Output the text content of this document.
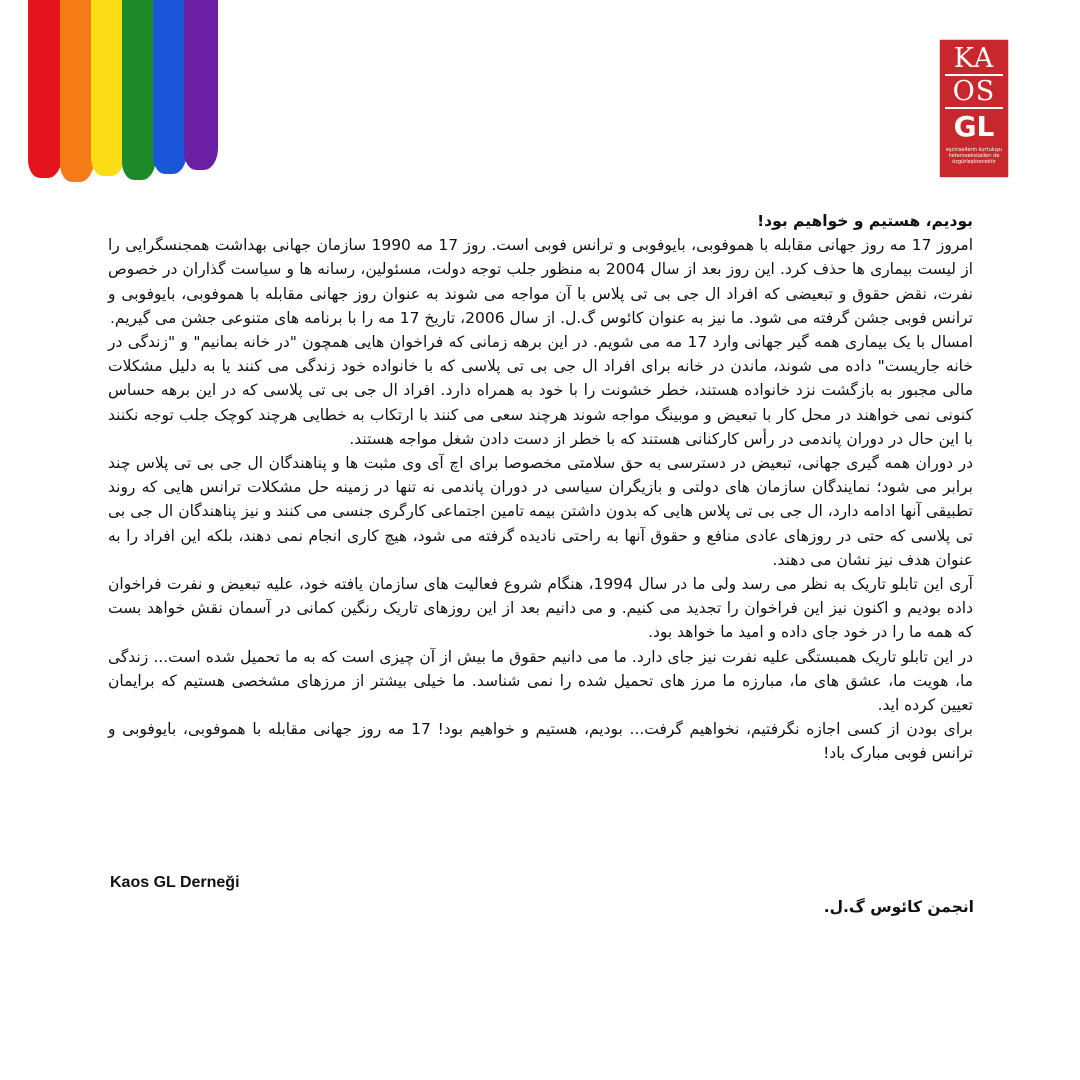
KA
OS
GL
eşcinsellerin kurtuluşu heteroseksüellerı de özgürleştirecektir

بودیم، هستیم و خواهیم بود!

امروز 17 مه روز جهانی مقابله با همو‌فوبی، بایوفوبی و ترانس فوبی است. روز 17 مه 1990 سازمان جهانی بهداشت همجنسگرایی را از لیست بیماری ها حذف کرد. این روز بعد از سال 2004 به منظور جلب توجه دولت، مسئولین، رسانه ها و سیاست گذاران در خصوص نفرت، نقض حقوق و تبعیضی که افراد ال جی بی تی پلاس با آن مواجه می شوند به عنوان روز جهانی مقابله با همو‌فوبی، بایوفوبی و ترانس فوبی جشن گرفته می شود. ما نیز به عنوان کائوس گ.ل. از سال 2006، تاریخ 17 مه را با برنامه های متنوعی جشن می گیریم.

امسال با یک بیماری همه گیر جهانی وارد 17 مه می شویم. در این برهه زمانی که فراخوان هایی همچون "در خانه بمانیم" و "زندگی در خانه جاریست" داده می شوند، ماندن در خانه برای افراد ال جی بی تی پلاسی که با خانواده خود زندگی می کنند یا به دلیل مشکلات مالی مجبور به بازگشت نزد خانواده هستند، خطر خشونت را با خود به همراه دارد. افراد ال جی بی تی پلاسی که در این برهه حساس کنونی نمی خواهند در محل کار با تبعیض و موبینگ مواجه شوند هرچند سعی می کنند با ارتکاب به خطایی هرچند کوچک جلب توجه نکنند با این حال در دوران پاندمی در رأس کارکنانی هستند که با خطر از دست دادن شغل مواجه هستند.

در دوران همه گیری جهانی، تبعیض در دسترسی به حق سلامتی مخصوصا برای اچ آی وی مثبت ها و پناهندگان ال جی بی تی پلاس چند برابر می شود؛ نمایندگان سازمان های دولتی و بازیگران سیاسی در دوران پاندمی نه تنها در زمینه حل مشکلات ترانس هایی که روند تطبیقی آنها ادامه دارد، ال جی بی تی پلاس هایی که بدون داشتن بیمه تامین اجتماعی کارگری جنسی می کنند و نیز پناهندگان ال جی بی تی پلاسی که حتی در روزهای عادی منافع و حقوق آنها به راحتی نادیده گرفته می شود، هیچ کاری انجام نمی دهند، بلکه این افراد را به عنوان هدف نیز نشان می دهند.

آری این تابلو تاریک به نظر می رسد ولی ما در سال 1994، هنگام شروع فعالیت های سازمان یافته خود، علیه تبعیض و نفرت فراخوان داده بودیم و اکنون نیز این فراخوان را تجدید می کنیم. و می دانیم بعد از این روزهای تاریک رنگین کمانی در آسمان نقش خواهد بست که همه ما را در خود جای داده و امید ما خواهد بود.

در این تابلو تاریک همبستگی علیه نفرت نیز جای دارد. ما می دانیم حقوق ما بیش از آن چیزی است که به ما تحمیل شده است... زندگی ما، هویت ما، عشق های ما، مبارزه ما مرز های تحمیل شده را نمی شناسد. ما خیلی بیشتر از مرزهای مشخصی هستیم که برایمان تعیین کرده اید.

برای بودن از کسی اجازه نگرفتیم، نخواهیم گرفت... بودیم، هستیم و خواهیم بود! 17 مه روز جهانی مقابله با همو‌فوبی، بایوفوبی و ترانس فوبی مبارک باد!

Kaos GL Derneği
انجمن کائوس گ.ل.
